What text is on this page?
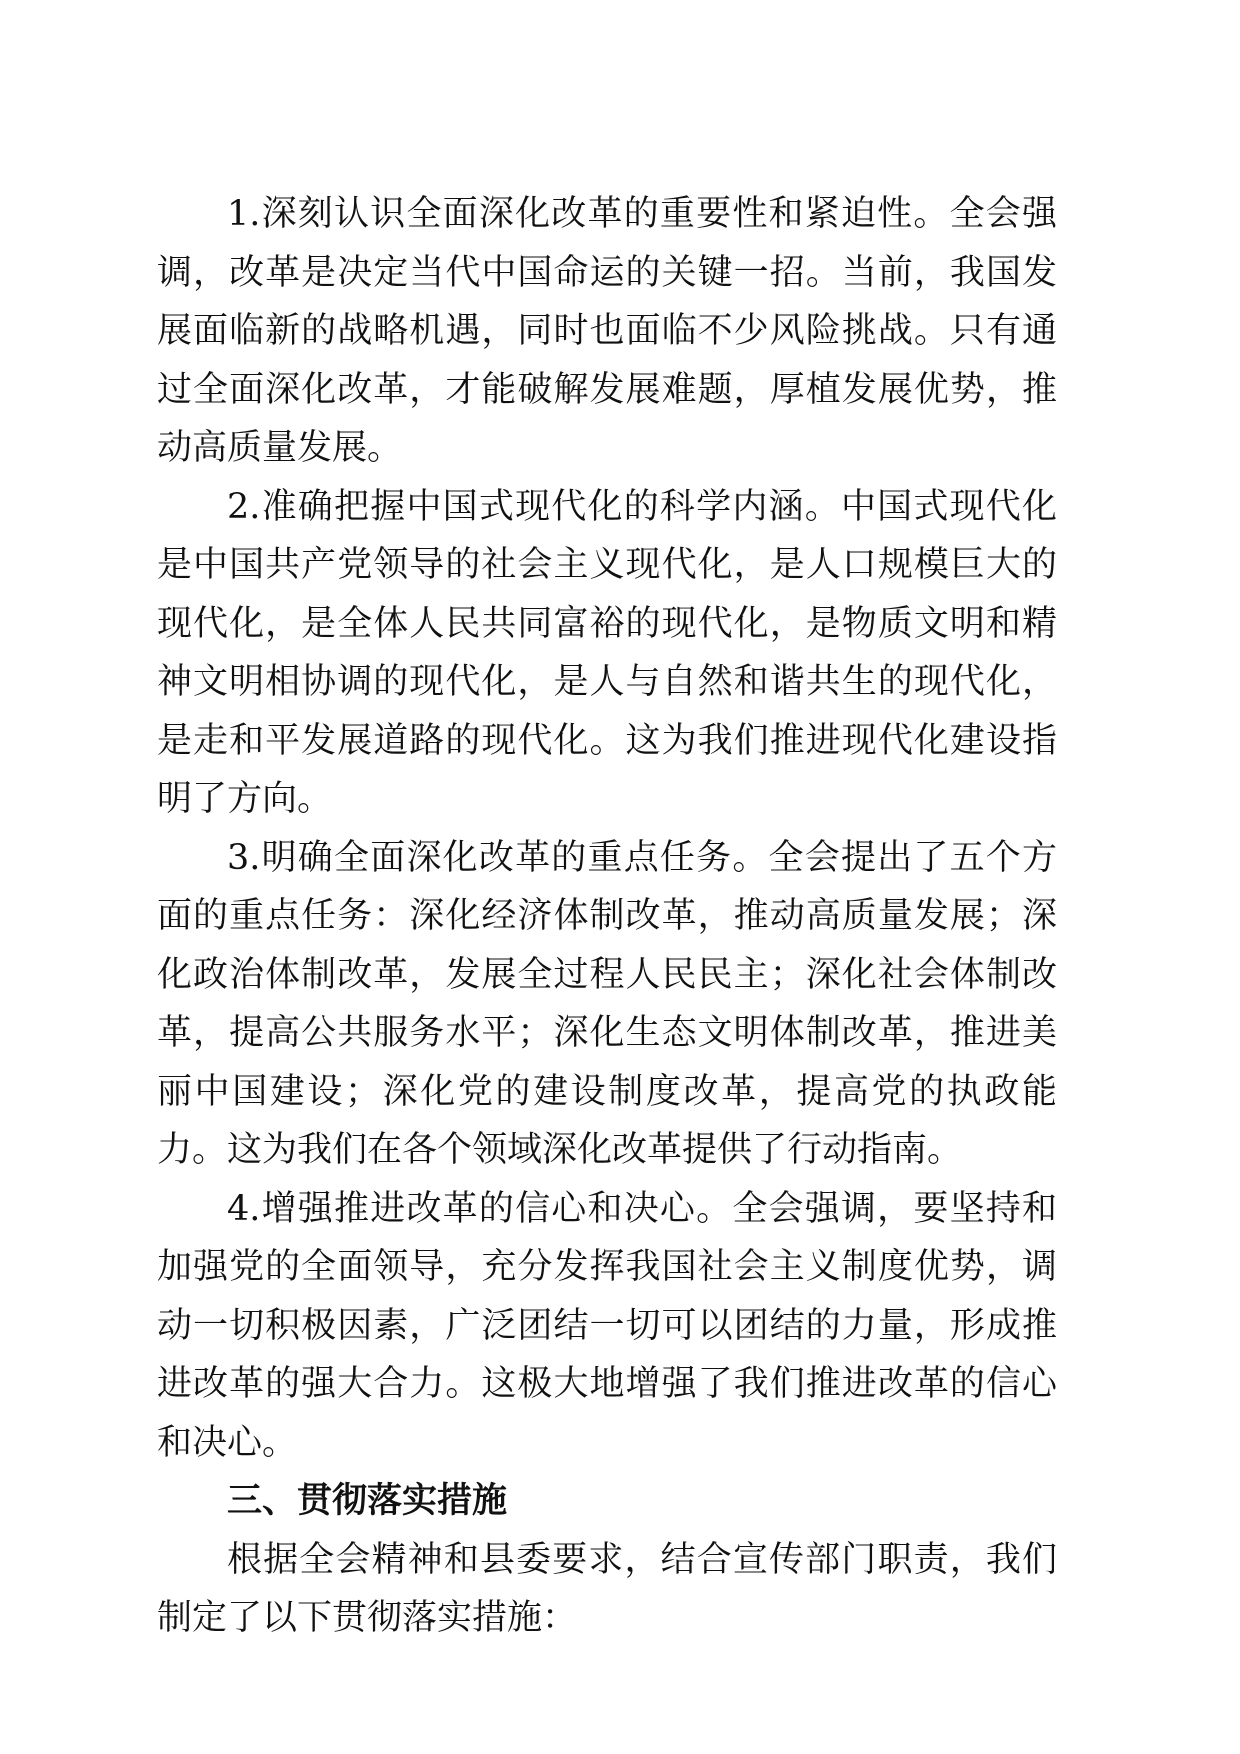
1.深刻认识全面深化改革的重要性和紧迫性。全会强调，改革是决定当代中国命运的关键一招。当前，我国发展面临新的战略机遇，同时也面临不少风险挑战。只有通过全面深化改革，才能破解发展难题，厚植发展优势，推动高质量发展。

2.准确把握中国式现代化的科学内涵。中国式现代化是中国共产党领导的社会主义现代化，是人口规模巨大的现代化，是全体人民共同富裕的现代化，是物质文明和精神文明相协调的现代化，是人与自然和谐共生的现代化，是走和平发展道路的现代化。这为我们推进现代化建设指明了方向。

3.明确全面深化改革的重点任务。全会提出了五个方面的重点任务：深化经济体制改革，推动高质量发展；深化政治体制改革，发展全过程人民民主；深化社会体制改革，提高公共服务水平；深化生态文明体制改革，推进美丽中国建设；深化党的建设制度改革，提高党的执政能力。这为我们在各个领域深化改革提供了行动指南。

4.增强推进改革的信心和决心。全会强调，要坚持和加强党的全面领导，充分发挥我国社会主义制度优势，调动一切积极因素，广泛团结一切可以团结的力量，形成推进改革的强大合力。这极大地增强了我们推进改革的信心和决心。

三、贯彻落实措施

根据全会精神和县委要求，结合宣传部门职责，我们制定了以下贯彻落实措施：
